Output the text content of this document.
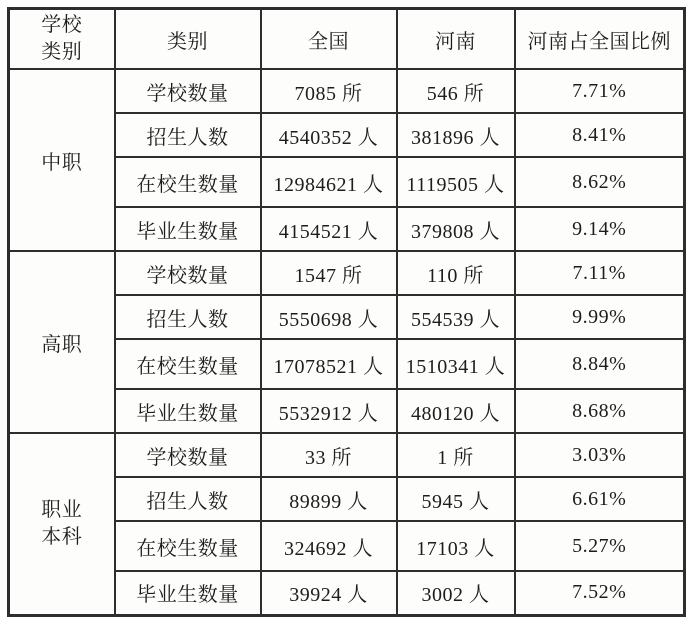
学校类别	类别	全国	河南	河南占全国比例
中职	学校数量	7085 所	546 所	7.71%
	招生人数	4540352 人	381896 人	8.41%
	在校生数量	12984621 人	1119505 人	8.62%
	毕业生数量	4154521 人	379808 人	9.14%
高职	学校数量	1547 所	110 所	7.11%
	招生人数	5550698 人	554539 人	9.99%
	在校生数量	17078521 人	1510341 人	8.84%
	毕业生数量	5532912 人	480120 人	8.68%
职业本科	学校数量	33 所	1 所	3.03%
	招生人数	89899 人	5945 人	6.61%
	在校生数量	324692 人	17103 人	5.27%
	毕业生数量	39924 人	3002 人	7.52%
